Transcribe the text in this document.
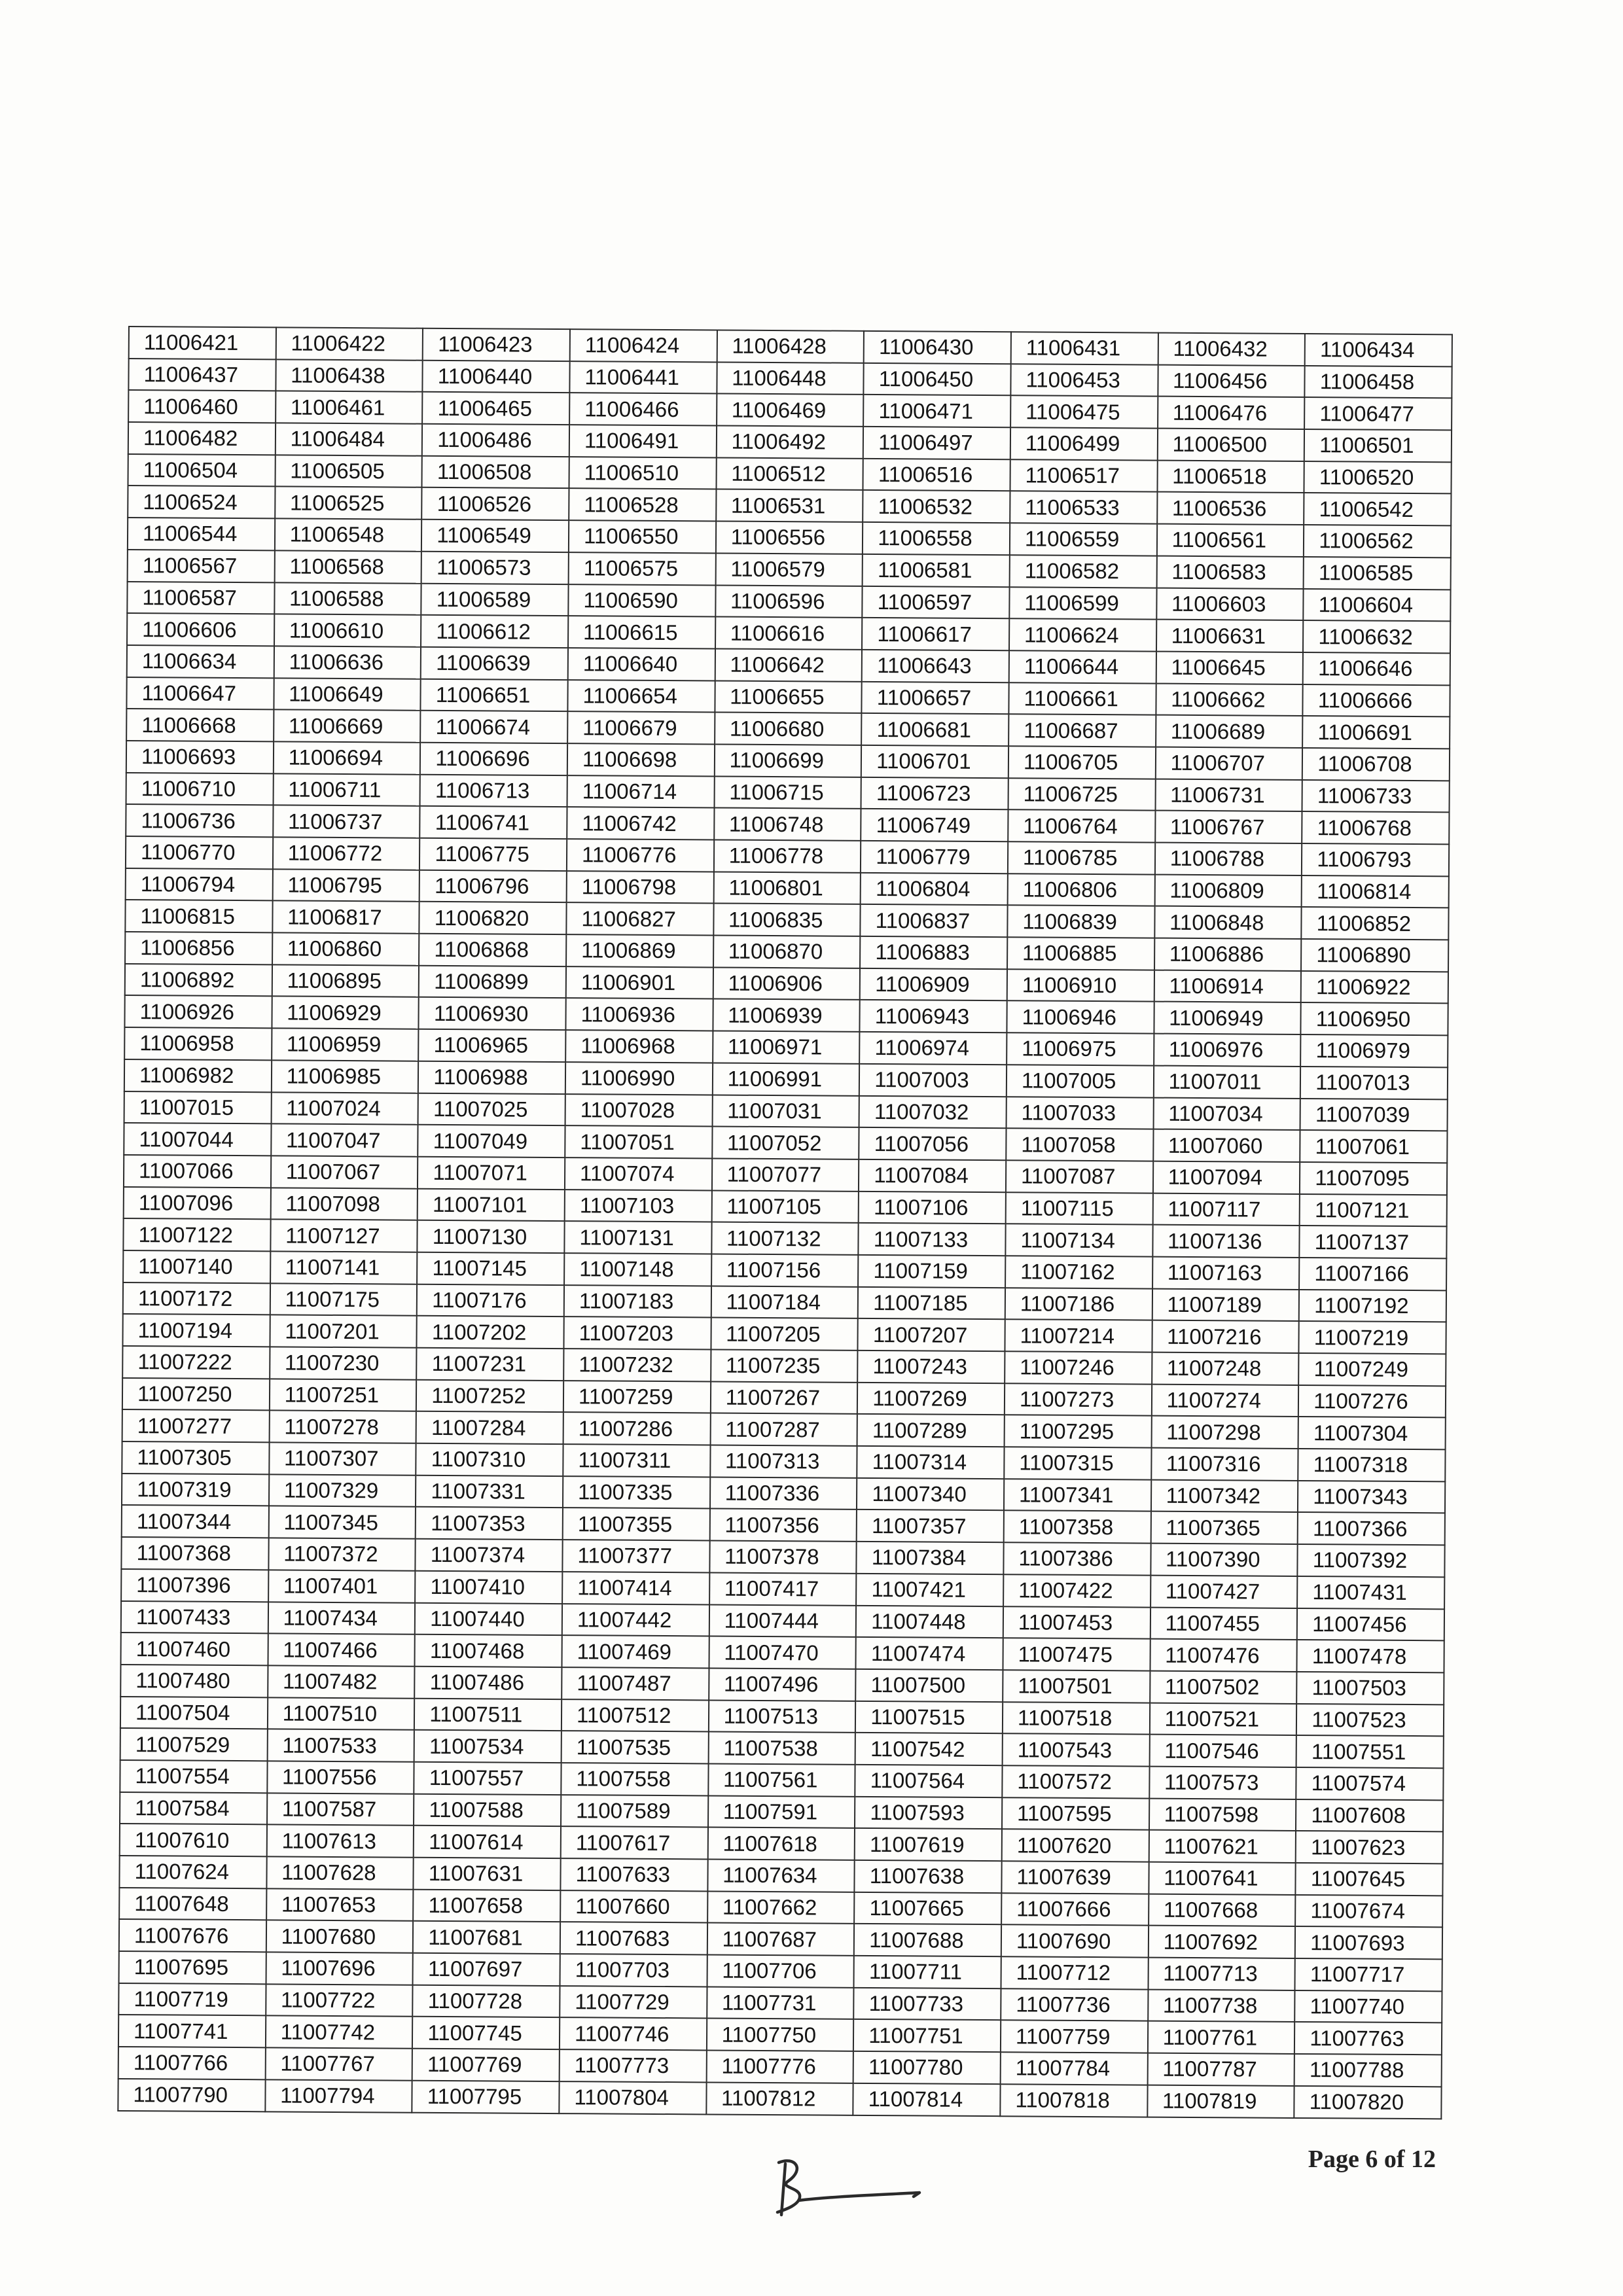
11006421	11006422	11006423	11006424	11006428	11006430	11006431	11006432	11006434
11006437	11006438	11006440	11006441	11006448	11006450	11006453	11006456	11006458
11006460	11006461	11006465	11006466	11006469	11006471	11006475	11006476	11006477
11006482	11006484	11006486	11006491	11006492	11006497	11006499	11006500	11006501
11006504	11006505	11006508	11006510	11006512	11006516	11006517	11006518	11006520
11006524	11006525	11006526	11006528	11006531	11006532	11006533	11006536	11006542
11006544	11006548	11006549	11006550	11006556	11006558	11006559	11006561	11006562
11006567	11006568	11006573	11006575	11006579	11006581	11006582	11006583	11006585
11006587	11006588	11006589	11006590	11006596	11006597	11006599	11006603	11006604
11006606	11006610	11006612	11006615	11006616	11006617	11006624	11006631	11006632
11006634	11006636	11006639	11006640	11006642	11006643	11006644	11006645	11006646
11006647	11006649	11006651	11006654	11006655	11006657	11006661	11006662	11006666
11006668	11006669	11006674	11006679	11006680	11006681	11006687	11006689	11006691
11006693	11006694	11006696	11006698	11006699	11006701	11006705	11006707	11006708
11006710	11006711	11006713	11006714	11006715	11006723	11006725	11006731	11006733
11006736	11006737	11006741	11006742	11006748	11006749	11006764	11006767	11006768
11006770	11006772	11006775	11006776	11006778	11006779	11006785	11006788	11006793
11006794	11006795	11006796	11006798	11006801	11006804	11006806	11006809	11006814
11006815	11006817	11006820	11006827	11006835	11006837	11006839	11006848	11006852
11006856	11006860	11006868	11006869	11006870	11006883	11006885	11006886	11006890
11006892	11006895	11006899	11006901	11006906	11006909	11006910	11006914	11006922
11006926	11006929	11006930	11006936	11006939	11006943	11006946	11006949	11006950
11006958	11006959	11006965	11006968	11006971	11006974	11006975	11006976	11006979
11006982	11006985	11006988	11006990	11006991	11007003	11007005	11007011	11007013
11007015	11007024	11007025	11007028	11007031	11007032	11007033	11007034	11007039
11007044	11007047	11007049	11007051	11007052	11007056	11007058	11007060	11007061
11007066	11007067	11007071	11007074	11007077	11007084	11007087	11007094	11007095
11007096	11007098	11007101	11007103	11007105	11007106	11007115	11007117	11007121
11007122	11007127	11007130	11007131	11007132	11007133	11007134	11007136	11007137
11007140	11007141	11007145	11007148	11007156	11007159	11007162	11007163	11007166
11007172	11007175	11007176	11007183	11007184	11007185	11007186	11007189	11007192
11007194	11007201	11007202	11007203	11007205	11007207	11007214	11007216	11007219
11007222	11007230	11007231	11007232	11007235	11007243	11007246	11007248	11007249
11007250	11007251	11007252	11007259	11007267	11007269	11007273	11007274	11007276
11007277	11007278	11007284	11007286	11007287	11007289	11007295	11007298	11007304
11007305	11007307	11007310	11007311	11007313	11007314	11007315	11007316	11007318
11007319	11007329	11007331	11007335	11007336	11007340	11007341	11007342	11007343
11007344	11007345	11007353	11007355	11007356	11007357	11007358	11007365	11007366
11007368	11007372	11007374	11007377	11007378	11007384	11007386	11007390	11007392
11007396	11007401	11007410	11007414	11007417	11007421	11007422	11007427	11007431
11007433	11007434	11007440	11007442	11007444	11007448	11007453	11007455	11007456
11007460	11007466	11007468	11007469	11007470	11007474	11007475	11007476	11007478
11007480	11007482	11007486	11007487	11007496	11007500	11007501	11007502	11007503
11007504	11007510	11007511	11007512	11007513	11007515	11007518	11007521	11007523
11007529	11007533	11007534	11007535	11007538	11007542	11007543	11007546	11007551
11007554	11007556	11007557	11007558	11007561	11007564	11007572	11007573	11007574
11007584	11007587	11007588	11007589	11007591	11007593	11007595	11007598	11007608
11007610	11007613	11007614	11007617	11007618	11007619	11007620	11007621	11007623
11007624	11007628	11007631	11007633	11007634	11007638	11007639	11007641	11007645
11007648	11007653	11007658	11007660	11007662	11007665	11007666	11007668	11007674
11007676	11007680	11007681	11007683	11007687	11007688	11007690	11007692	11007693
11007695	11007696	11007697	11007703	11007706	11007711	11007712	11007713	11007717
11007719	11007722	11007728	11007729	11007731	11007733	11007736	11007738	11007740
11007741	11007742	11007745	11007746	11007750	11007751	11007759	11007761	11007763
11007766	11007767	11007769	11007773	11007776	11007780	11007784	11007787	11007788
11007790	11007794	11007795	11007804	11007812	11007814	11007818	11007819	11007820
Page 6 of 12
